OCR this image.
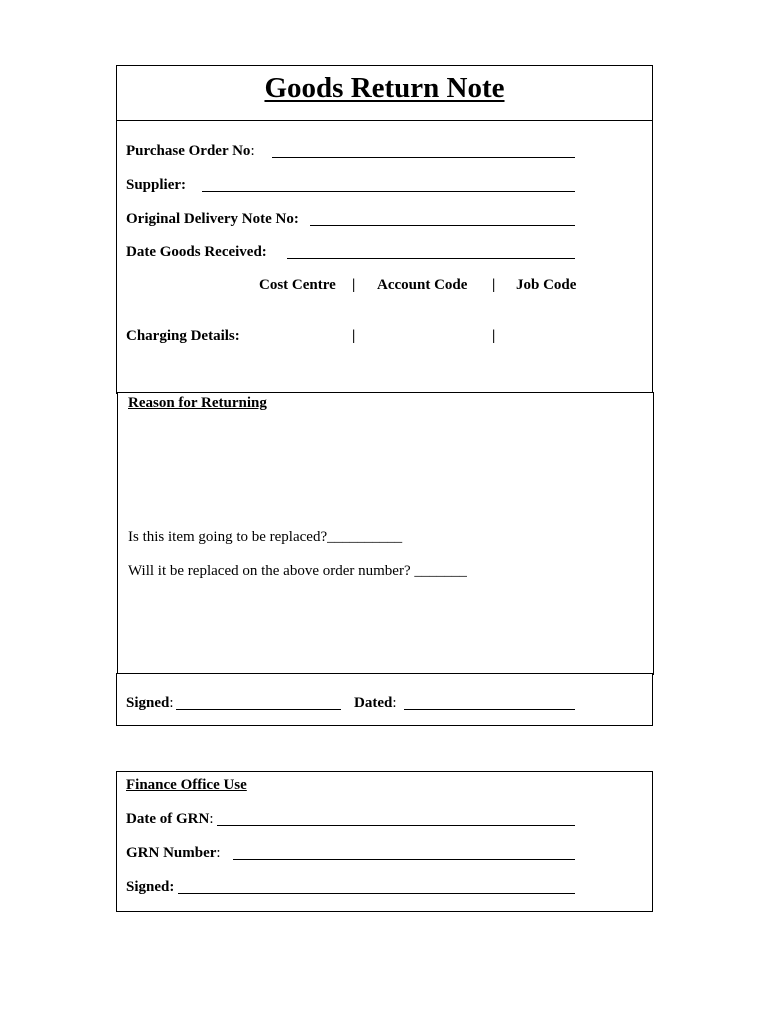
Goods Return Note
Purchase Order No:
Supplier:
Original Delivery Note No:
Date Goods Received:
Cost Centre | Account Code | Job Code
Charging Details:	|	|
Reason for Returning
Is this item going to be replaced?__________
Will it be replaced on the above order number? _______
Signed:	Dated:
Finance Office Use
Date of GRN:
GRN Number:
Signed:
